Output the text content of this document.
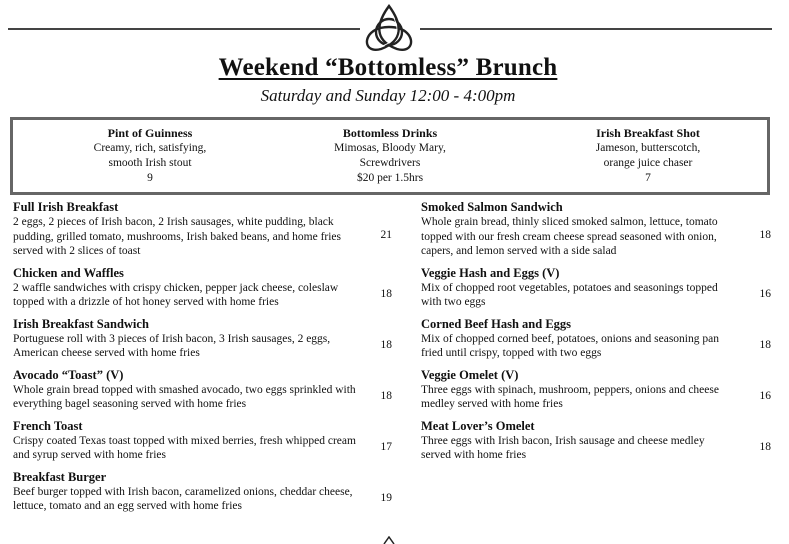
Weekend “Bottomless” Brunch
Saturday and Sunday 12:00 - 4:00pm
Pint of Guinness
Creamy, rich, satisfying,
smooth Irish stout
9
Bottomless Drinks
Mimosas, Bloody Mary,
Screwdrivers
$20 per 1.5hrs
Irish Breakfast Shot
Jameson, butterscotch,
orange juice chaser
7
Full Irish Breakfast
2 eggs, 2 pieces of Irish bacon, 2 Irish sausages, white pudding, black pudding, grilled tomato, mushrooms, Irish baked beans, and home fries served with 2 slices of toast
21
Chicken and Waffles
2 waffle sandwiches with crispy chicken, pepper jack cheese, coleslaw topped with a drizzle of hot honey served with home fries
18
Irish Breakfast Sandwich
Portuguese roll with 3 pieces of Irish bacon, 3 Irish sausages, 2 eggs, American cheese served with home fries
18
Avocado “Toast” (V)
Whole grain bread topped with smashed avocado, two eggs sprinkled with everything bagel seasoning served with home fries
18
French Toast
Crispy coated Texas toast topped with mixed berries, fresh whipped cream and syrup served with home fries
17
Breakfast Burger
Beef burger topped with Irish bacon, caramelized onions, cheddar cheese, lettuce, tomato and an egg served with home fries
19
Smoked Salmon Sandwich
Whole grain bread, thinly sliced smoked salmon, lettuce, tomato topped with our fresh cream cheese spread seasoned with onion, capers, and lemon served with a side salad
18
Veggie Hash and Eggs (V)
Mix of chopped root vegetables, potatoes and seasonings topped with two eggs
16
Corned Beef Hash and Eggs
Mix of chopped corned beef, potatoes, onions and seasoning pan fried until crispy, topped with two eggs
18
Veggie Omelet (V)
Three eggs with spinach, mushroom, peppers, onions and cheese medley served with home fries
16
Meat Lover’s Omelet
Three eggs with Irish bacon, Irish sausage and cheese medley served with home fries
18
